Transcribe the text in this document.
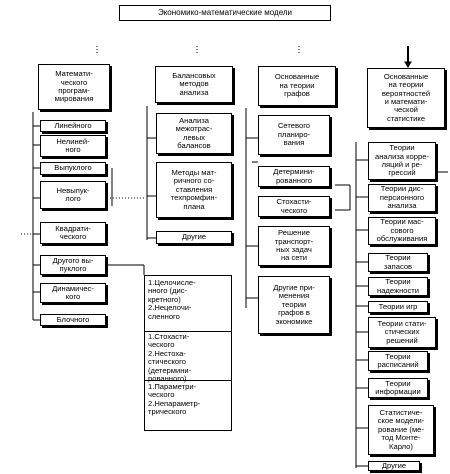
Экономико-математические модели
Математи-
ческого
програм-
мирования
Линейного
Нелиней-
ного
Выпуклого
Невыпук-
лого
Квадрати-
ческого
Другого вы-
пуклого
Динамичес-
кого
Блочного
Балансовых
методов
анализа
Анализа
межотрас-
левых
балансов
Методы мат-
ричного со-
ставления
техпромфин-
плана
Другие

1.Целочисле-
нного (дис-
кретного)
2.Нецелочи-
сленного

1.Стохасти-
ческого
2.Нестоха-
стического
(детермини-
рованного)

1.Параметри-
ческого
2.Непараметр-
трического

Основанные
на теории
графов
Сетевого
планиро-
вания
Детермини-
рованного
Стохасти-
ческого
Решение
транспорт-
ных задач
на сети
Другие при-
менения
теории
графов в
экономике
Основанные
на теории
вероятностей
и математи-
ческой
статистике
Теории
анализа корре-
ляций и ре-
грессий
Теории дис-
персионного
анализа
Теории мас-
сового
обслуживания
Теории
запасов
Теории
надежности
Теории игр
Теории стати-
стических
решений
Теории
расписаний
Теории
информации
Статистиче-
ское модели-
рование (ме-
тод Монте-
Карло)
Другие
